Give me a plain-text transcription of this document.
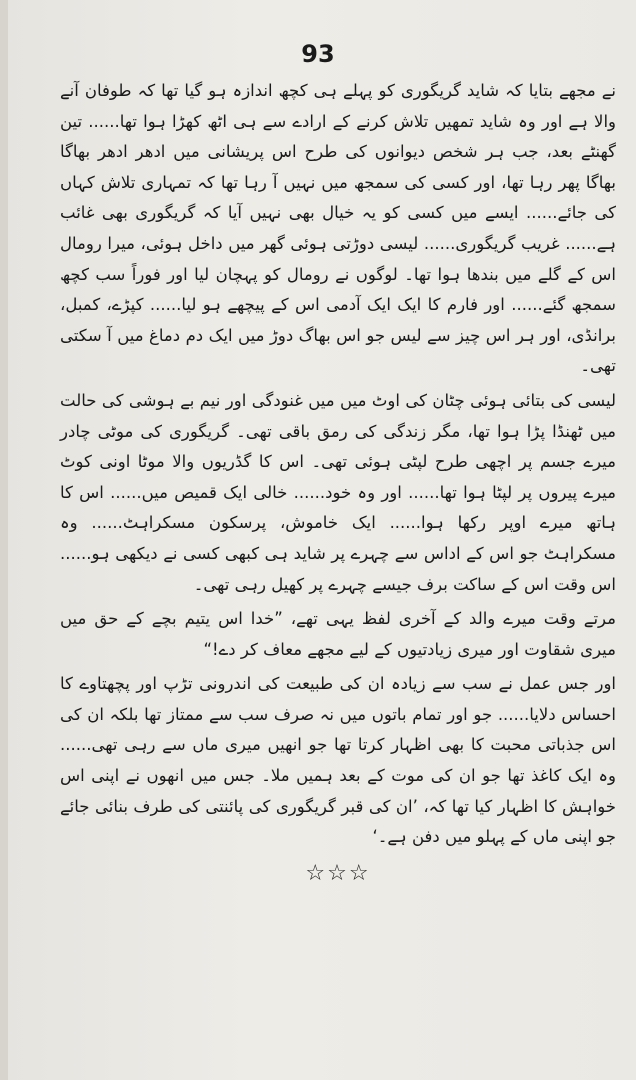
93

نے مجھے بتایا کہ شاید گریگوری کو پہلے ہی کچھ اندازہ ہو گیا تھا کہ طوفان آنے والا ہے اور وہ شاید تمھیں تلاش کرنے کے ارادے سے ہی اٹھ کھڑا ہوا تھا...... تین گھنٹے بعد، جب ہر شخص دیوانوں کی طرح اس پریشانی میں ادھر ادھر بھاگا بھاگا پھر رہا تھا، اور کسی کی سمجھ میں نہیں آ رہا تھا کہ تمہاری تلاش کہاں کی جائے...... ایسے میں کسی کو یہ خیال بھی نہیں آیا کہ گریگوری بھی غائب ہے...... غریب گریگوری...... لیسی دوڑتی ہوئی گھر میں داخل ہوئی، میرا رومال اس کے گلے میں بندھا ہوا تھا۔ لوگوں نے رومال کو پہچان لیا اور فوراً سب کچھ سمجھ گئے...... اور فارم کا ایک ایک آدمی اس کے پیچھے ہو لیا...... کپڑے، کمبل، برانڈی، اور ہر اس چیز سے لیس جو اس بھاگ دوڑ میں ایک دم دماغ میں آ سکتی تھی۔

لیسی کی بتائی ہوئی چٹان کی اوٹ میں میں غنودگی اور نیم بے ہوشی کی حالت میں ٹھنڈا پڑا ہوا تھا، مگر زندگی کی رمق باقی تھی۔ گریگوری کی موٹی چادر میرے جسم پر اچھی طرح لپٹی ہوئی تھی۔ اس کا گڈریوں والا موٹا اونی کوٹ میرے پیروں پر لپٹا ہوا تھا...... اور وہ خود...... خالی ایک قمیص میں...... اس کا ہاتھ میرے اوپر رکھا ہوا...... ایک خاموش، پرسکون مسکراہٹ...... وہ مسکراہٹ جو اس کے اداس سے چہرے پر شاید ہی کبھی کسی نے دیکھی ہو...... اس وقت اس کے ساکت برف جیسے چہرے پر کھیل رہی تھی۔

مرتے وقت میرے والد کے آخری لفظ یہی تھے، ”خدا اس یتیم بچے کے حق میں میری شقاوت اور میری زیادتیوں کے لیے مجھے معاف کر دے!“

اور جس عمل نے سب سے زیادہ ان کی طبیعت کی اندرونی تڑپ اور پچھتاوے کا احساس دلایا...... جو اور تمام باتوں میں نہ صرف سب سے ممتاز تھا بلکہ ان کی اس جذباتی محبت کا بھی اظہار کرتا تھا جو انھیں میری ماں سے رہی تھی...... وہ ایک کاغذ تھا جو ان کی موت کے بعد ہمیں ملا۔ جس میں انھوں نے اپنی اس خواہش کا اظہار کیا تھا کہ، ’ان کی قبر گریگوری کی پائنتی کی طرف بنائی جائے جو اپنی ماں کے پہلو میں دفن ہے۔‘

☆☆☆
